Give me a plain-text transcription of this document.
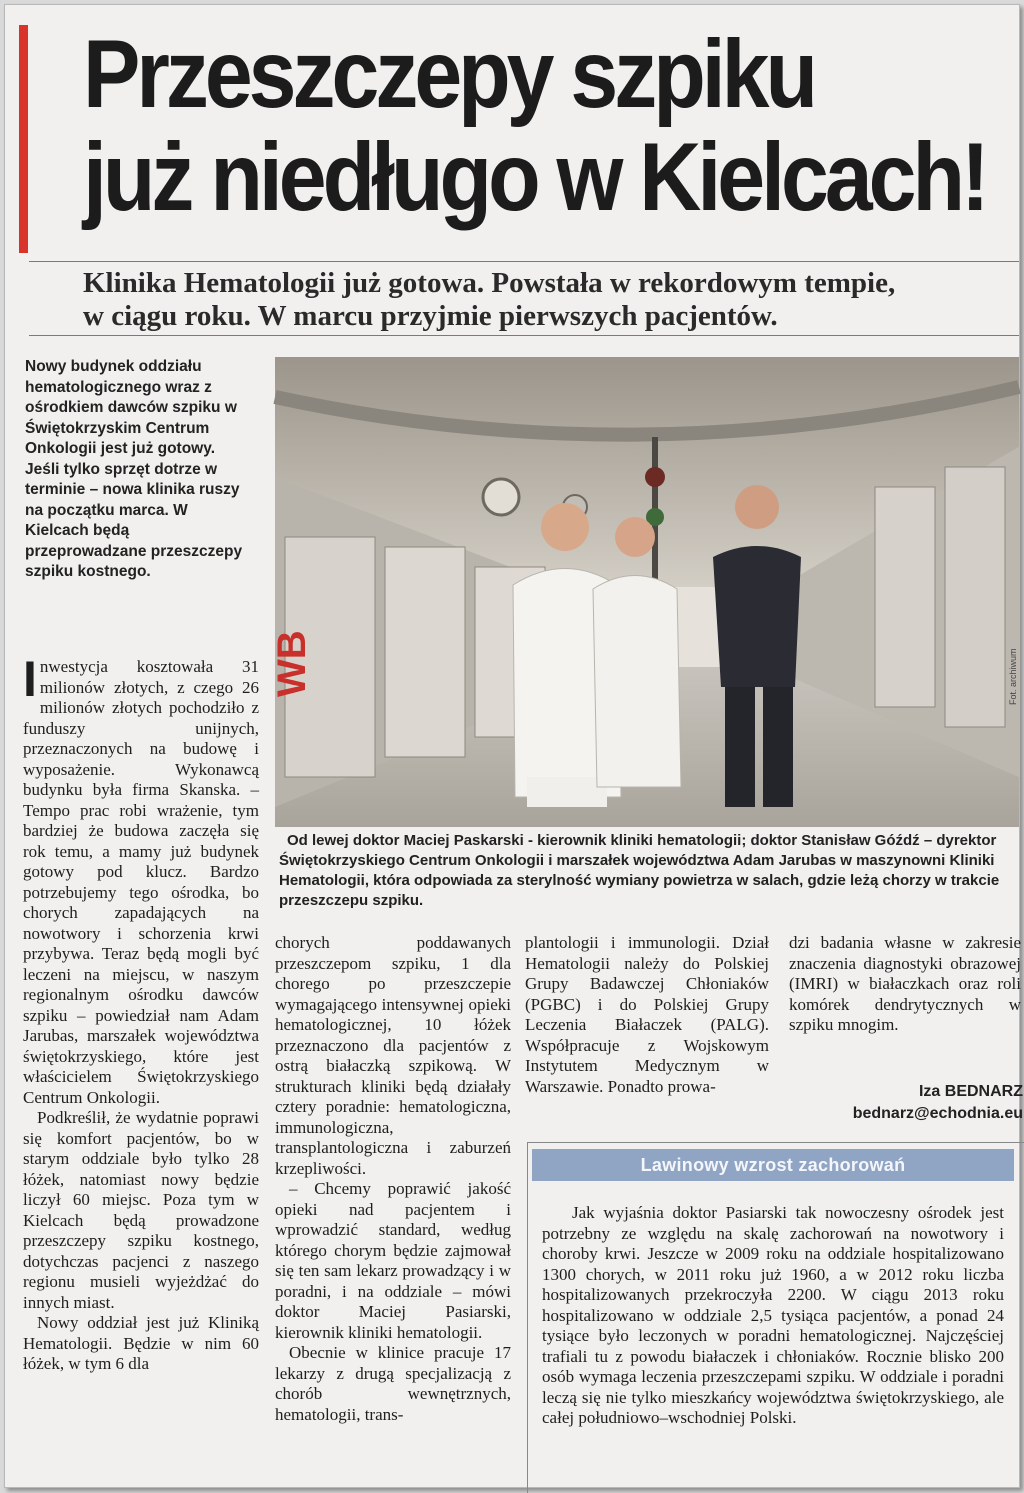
Przeszczepy szpiku
już niedługo w Kielcach!
Klinika Hematologii już gotowa. Powstała w rekordowym tempie,
w ciągu roku. W marcu przyjmie pierwszych pacjentów.
Nowy budynek oddziału hematologicznego wraz z ośrodkiem dawców szpiku w Świętokrzyskim Centrum Onkologii jest już gotowy. Jeśli tylko sprzęt dotrze w terminie – nowa klinika ruszy na początku marca. W Kielcach będą przeprowadzane przeszczepy szpiku kostnego.
WB	Fot. archiwum
Od lewej doktor Maciej Paskarski - kierownik kliniki hematologii; doktor Stanisław Góźdź – dyrektor Świętokrzyskiego Centrum Onkologii i marszałek województwa Adam Jarubas w maszynowni Kliniki Hematologii, która odpowiada za sterylność wymiany powietrza w salach, gdzie leżą chorzy w trakcie przeszczepu szpiku.

Inwestycja kosztowała 31 milionów złotych, z czego 26 milionów złotych pochodziło z funduszy unijnych, przeznaczonych na budowę i wyposażenie. Wykonawcą budynku była firma Skanska. – Tempo prac robi wrażenie, tym bardziej że budowa zaczęła się rok temu, a mamy już budynek gotowy pod klucz. Bardzo potrzebujemy tego ośrodka, bo chorych zapadających na nowotwory i schorzenia krwi przybywa. Teraz będą mogli być leczeni na miejscu, w naszym regionalnym ośrodku dawców szpiku – powiedział nam Adam Jarubas, marszałek województwa świętokrzyskiego, które jest właścicielem Świętokrzyskiego Centrum Onkologii.

Podkreślił, że wydatnie poprawi się komfort pacjentów, bo w starym oddziale było tylko 28 łóżek, natomiast nowy będzie liczył 60 miejsc. Poza tym w Kielcach będą prowadzone przeszczepy szpiku kostnego, dotychczas pacjenci z naszego regionu musieli wyjeżdżać do innych miast.

Nowy oddział jest już Kliniką Hematologii. Będzie w nim 60 łóżek, w tym 6 dla

chorych poddawanych przeszczepom szpiku, 1 dla chorego po przeszczepie wymagającego intensywnej opieki hematologicznej, 10 łóżek przeznaczono dla pacjentów z ostrą białaczką szpikową. W strukturach kliniki będą działały cztery poradnie: hematologiczna, immunologiczna, transplantologiczna i zaburzeń krzepliwości.

– Chcemy poprawić jakość opieki nad pacjentem i wprowadzić standard, według którego chorym będzie zajmował się ten sam lekarz prowadzący i w poradni, i na oddziale – mówi doktor Maciej Pasiarski, kierownik kliniki hematologii.

Obecnie w klinice pracuje 17 lekarzy z drugą specjalizacją z chorób wewnętrznych, hematologii, trans-

plantologii i immunologii. Dział Hematologii należy do Polskiej Grupy Badawczej Chłoniaków (PGBC) i do Polskiej Grupy Leczenia Białaczek (PALG). Współpracuje z Wojskowym Instytutem Medycznym w Warszawie. Ponadto prowa-

dzi badania własne w zakresie znaczenia diagnostyki obrazowej (IMRI) w białaczkach oraz roli komórek dendrytycznych w szpiku mnogim.

Iza BEDNARZ
bednarz@echodnia.eu
Lawinowy wzrost zachorowań

Jak wyjaśnia doktor Pasiarski tak nowoczesny ośrodek jest potrzebny ze względu na skalę zachorowań na nowotwory i choroby krwi. Jeszcze w 2009 roku na oddziale hospitalizowano 1300 chorych, w 2011 roku już 1960, a w 2012 roku liczba hospitalizowanych przekroczyła 2200. W ciągu 2013 roku hospitalizowano w oddziale 2,5 tysiąca pacjentów, a ponad 24 tysiące było leczonych w poradni hematologicznej. Najczęściej trafiali tu z powodu białaczek i chłoniaków. Rocznie blisko 200 osób wymaga leczenia przeszczepami szpiku. W oddziale i poradni leczą się nie tylko mieszkańcy województwa świętokrzyskiego, ale całej południowo–wschodniej Polski.
